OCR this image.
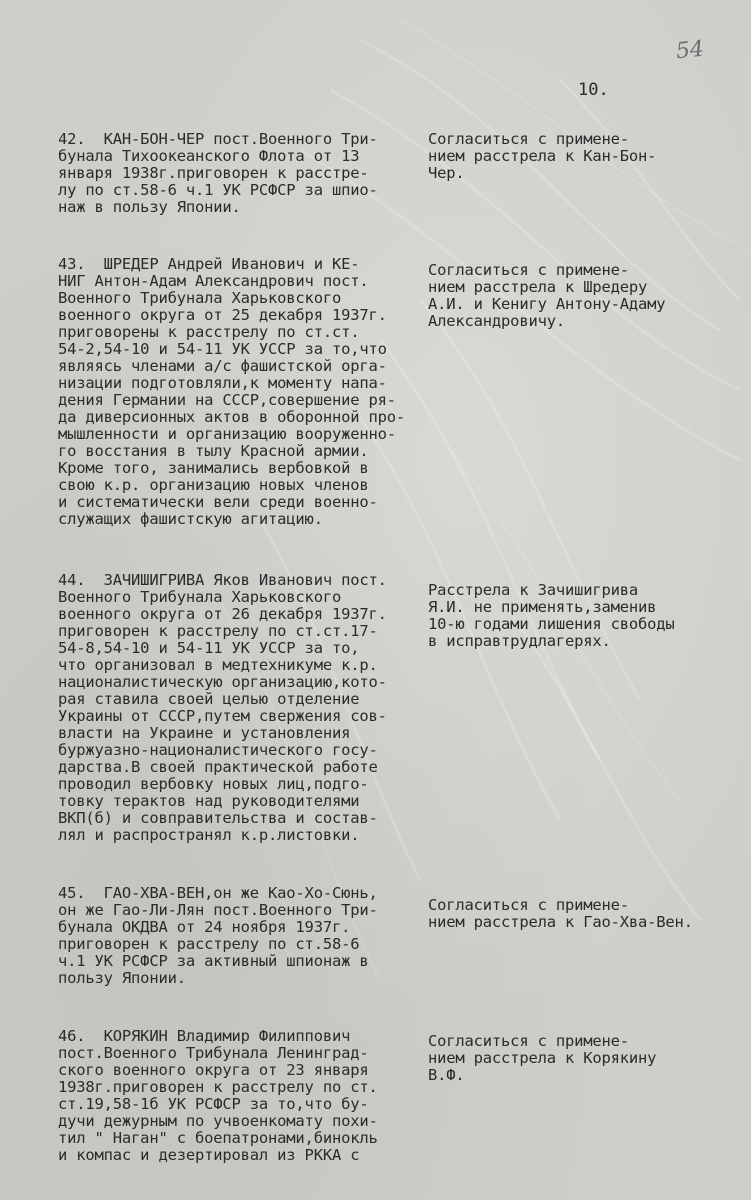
54
10.
42.  КАН-БОН-ЧЕР пост.Военного Три-
бунала Тихоокеанского Флота от 13
января 1938г.приговорен к расстре-
лу по ст.58-6 ч.1 УК РСФСР за шпио-
наж в пользу Японии.
Согласиться с примене-
нием расстрела к Кан-Бон-
Чер.
43.  ШРЕДЕР Андрей Иванович и КЕ-
НИГ Антон-Адам Александрович пост.
Военного Трибунала Харьковского
военного округа от 25 декабря 1937г.
приговорены к расстрелу по ст.ст.
54-2,54-10 и 54-11 УК УССР за то,что
являясь членами а/с фашистской орга-
низации подготовляли,к моменту напа-
дения Германии на СССР,совершение ря-
да диверсионных актов в оборонной про-
мышленности и организацию вооруженно-
го восстания в тылу Красной армии.
Кроме того, занимались вербовкой в
свою к.р. организацию новых членов
и систематически вели среди военно-
служащих фашистскую агитацию.
Согласиться с примене-
нием расстрела к Шредеру
А.И. и Кенигу Антону-Адаму
Александровичу.
44.  ЗАЧИШИГРИВА Яков Иванович пост.
Военного Трибунала Харьковского
военного округа от 26 декабря 1937г.
приговорен к расстрелу по ст.ст.17-
54-8,54-10 и 54-11 УК УССР за то,
что организовал в медтехникуме к.р.
националистическую организацию,кото-
рая ставила своей целью отделение
Украины от СССР,путем свержения сов-
власти на Украине и установления
буржуазно-националистического госу-
дарства.В своей практической работе
проводил вербовку новых лиц,подго-
товку терактов над руководителями
ВКП(б) и совправительства и состав-
лял и распространял к.р.листовки.
Расстрела к Зачишигрива
Я.И. не применять,заменив
10-ю годами лишения свободы
в исправтрудлагерях.
45.  ГАО-ХВА-ВЕН,он же Као-Хо-Сюнь,
он же Гао-Ли-Лян пост.Военного Три-
бунала ОКДВА от 24 ноября 1937г.
приговорен к расстрелу по ст.58-6
ч.1 УК РСФСР за активный шпионаж в
пользу Японии.
Согласиться с примене-
нием расстрела к Гао-Хва-Вен.
46.  КОРЯКИН Владимир Филиппович
пост.Военного Трибунала Ленинград-
ского военного округа от 23 января
1938г.приговорен к расстрелу по ст.
ст.19,58-1б УК РСФСР за то,что бу-
дучи дежурным по учвоенкомату похи-
тил " Наган" с боепатронами,бинокль
и компас и дезертировал из РККА с
Согласиться с примене-
нием расстрела к Корякину
В.Ф.
